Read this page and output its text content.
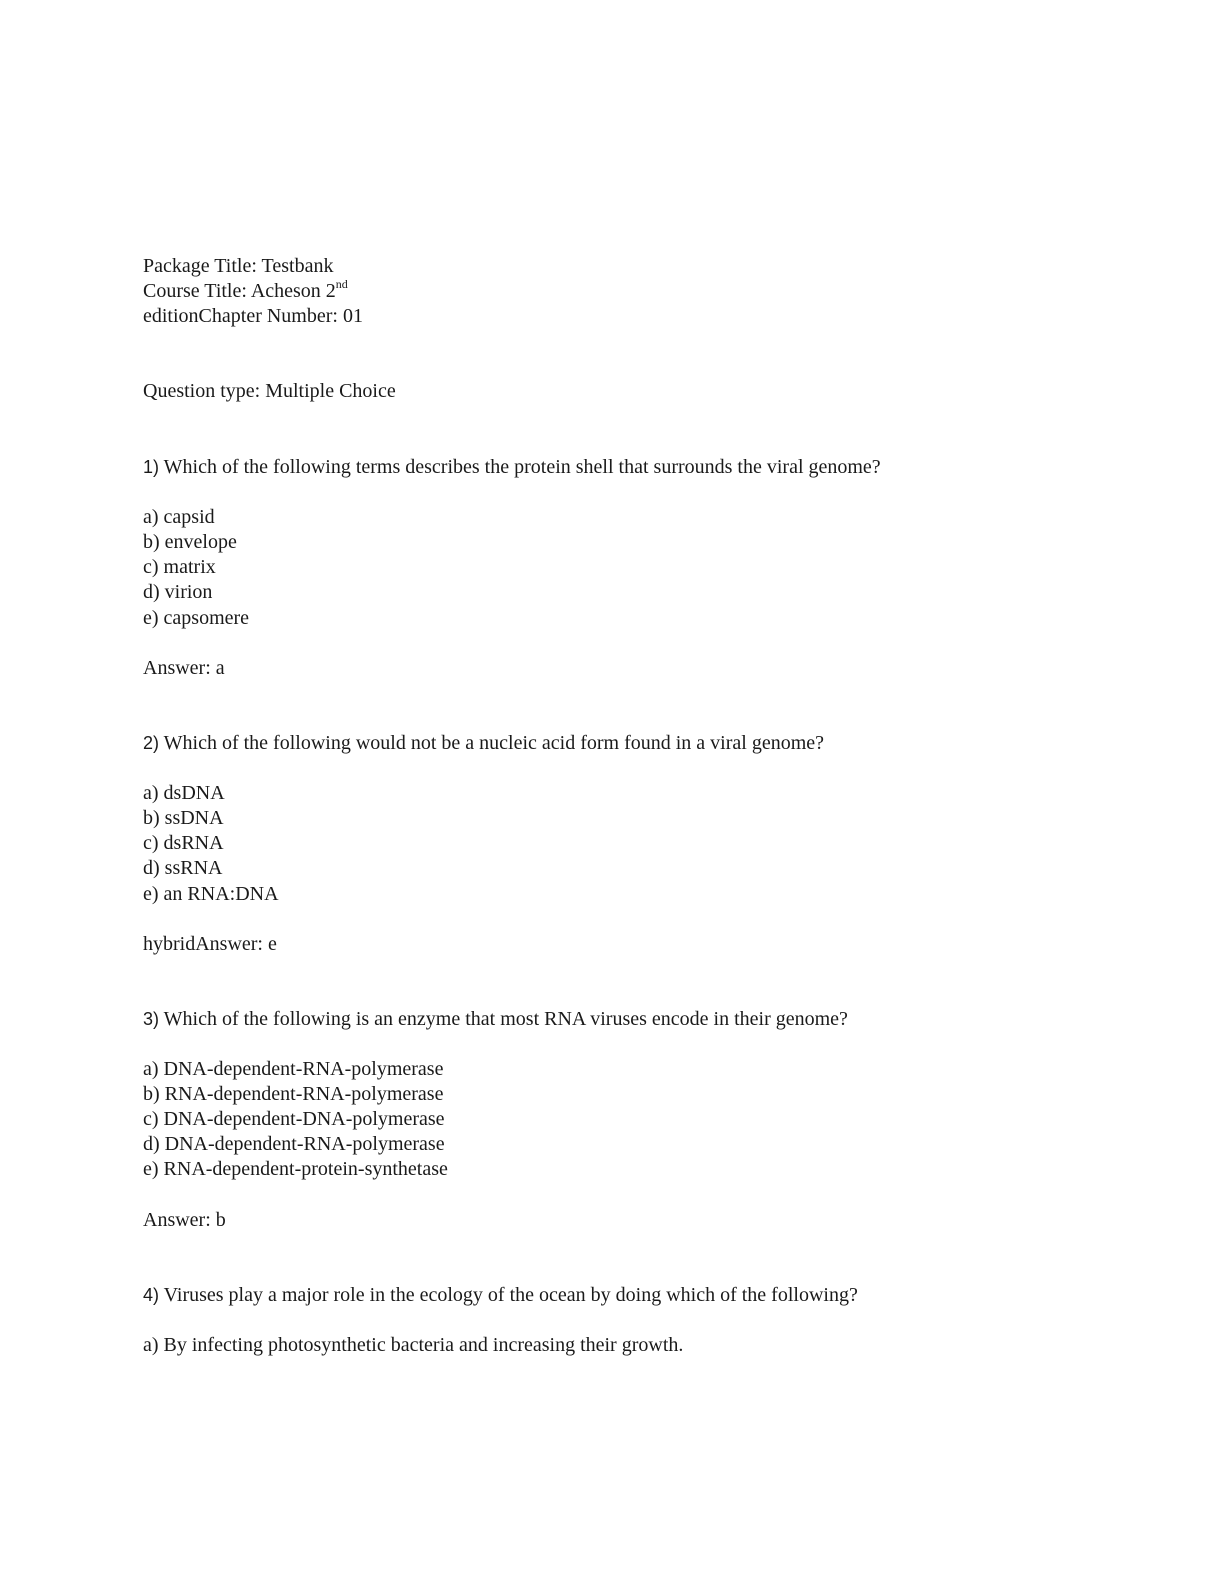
Package Title: Testbank
Course Title: Acheson 2nd
editionChapter Number: 01
Question type: Multiple Choice
1) Which of the following terms describes the protein shell that surrounds the viral genome?
a) capsid
b) envelope
c) matrix
d) virion
e) capsomere
Answer: a
2) Which of the following would not be a nucleic acid form found in a viral genome?
a) dsDNA
b) ssDNA
c) dsRNA
d) ssRNA
e) an RNA:DNA
hybridAnswer: e
3) Which of the following is an enzyme that most RNA viruses encode in their genome?
a) DNA-dependent-RNA-polymerase
b) RNA-dependent-RNA-polymerase
c) DNA-dependent-DNA-polymerase
d) DNA-dependent-RNA-polymerase
e) RNA-dependent-protein-synthetase
Answer: b
4) Viruses play a major role in the ecology of the ocean by doing which of the following?
a) By infecting photosynthetic bacteria and increasing their growth.
